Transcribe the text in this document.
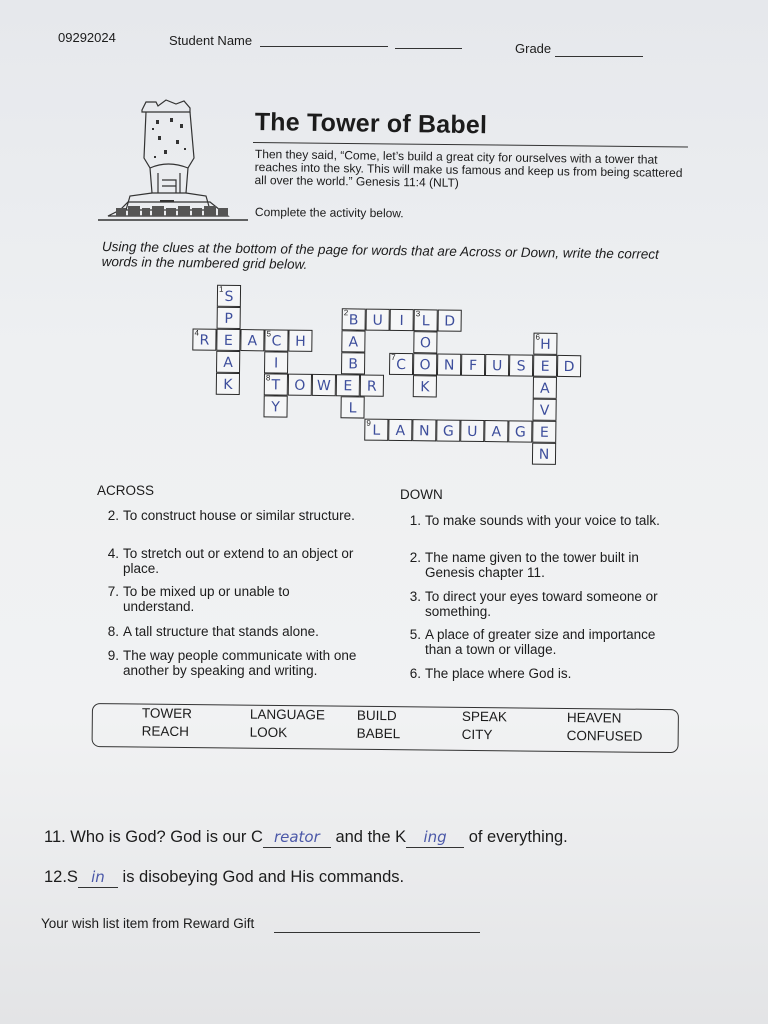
09292024	Student Name
Grade
The Tower of Babel
Then they said, “Come, let’s build a great city for ourselves with a tower that reaches into the sky. This will make us famous and keep us from being scattered all over the world.” Genesis 11:4 (NLT)
Complete the activity below.
Using the clues at the bottom of the page for words that are Across or Down, write the correct words in the numbered grid below.
1 S
P
E
A
K
4 R	A	5 C H
I
8 T
Y
O W E	R
2 B U	I	3 L	D
A
B
L
O
K
7 C O N	F	U	S	E D
6 H
A
V
N
9 L	A N G U A G E
ACROSS
2. To construct house or similar structure.
4. To stretch out or extend to an object or place.
7. To be mixed up or unable to understand.
8. A tall structure that stands alone.
9. The way people communicate with one another by speaking and writing.
DOWN
1. To make sounds with your voice to talk.
2. The name given to the tower built in Genesis chapter 11.
3. To direct your eyes toward someone or something.
5. A place of greater size and importance than a town or village.
6. The place where God is.
TOWER
REACH
LANGUAGE
LOOK
BUILD
BABEL
SPEAK
CITY
HEAVEN
CONFUSED
11. Who is God? God is our C reator and the K ing of everything.
12.S in is disobeying God and His commands.
Your wish list item from Reward Gift
